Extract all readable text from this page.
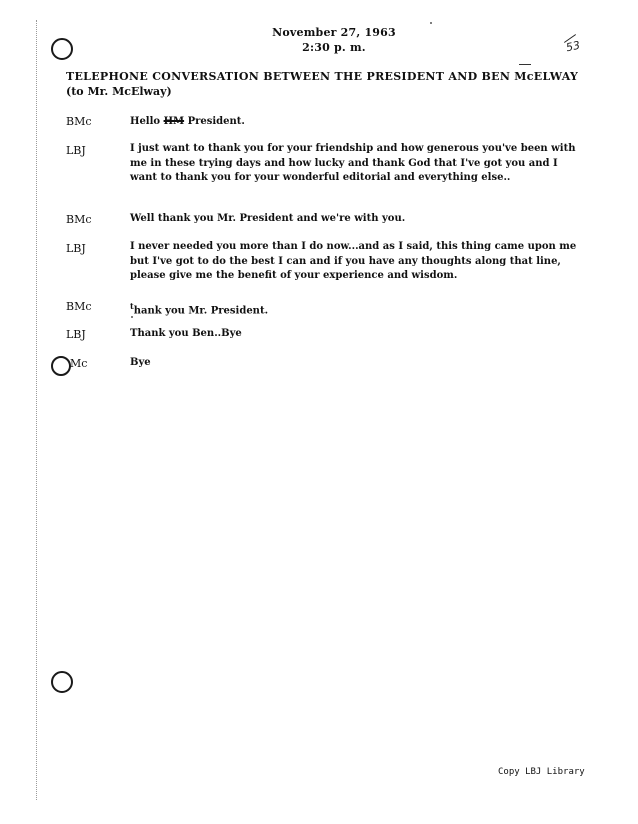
November 27, 1963
2:30 p. m.	53
TELEPHONE CONVERSATION BETWEEN THE PRESIDENT AND BEN McELWAY
(to Mr. McElway)
BMc	Hello HM President.
LBJ	I just want to thank you for your friendship and how generous you've been with me in these trying days and how lucky and thank God that I've got you and I want to thank you for your wonderful editorial and everything else..
BMc	Well thank you Mr. President and we're with you.
LBJ	I never needed you more than I do now...and as I said, this thing came upon me but I've got to do the best I can and if you have any thoughts along that line, please give me the benefit of your experience and wisdom.
BMc	$^t$hank you Mr. President.
LBJ	Thank you Ben..Bye
Mc	Bye
Copy LBJ Library
